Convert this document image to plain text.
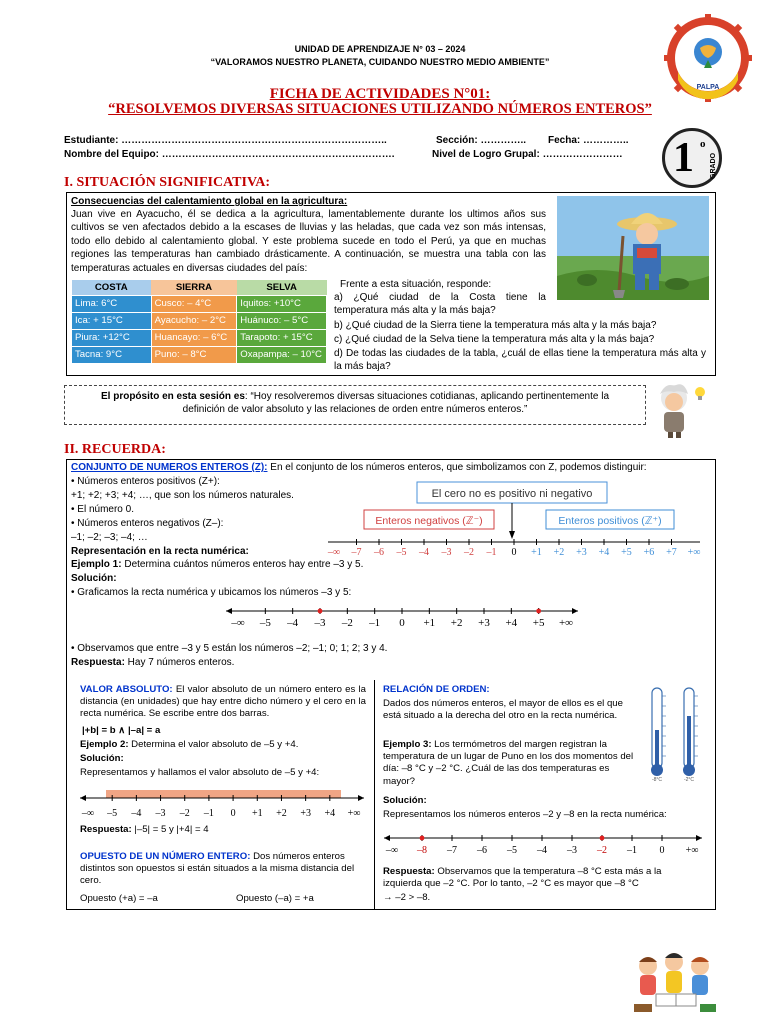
UNIDAD DE APRENDIZAJE N° 03 – 2024
“VALORAMOS NUESTRO PLANETA, CUIDANDO NUESTRO MEDIO AMBIENTE”
FICHA DE ACTIVIDADES N°01:
“RESOLVEMOS DIVERSAS SITUACIONES UTILIZANDO NÚMEROS ENTEROS”
PALPA
Estudiante: ……………………………………………………………………..	Sección: ………….. Fecha: …………..
Nombre del Equipo: …………………………………………………………….	Nivel de Logro Grupal: …………………… 1 o
GRADO
I. SITUACIÓN SIGNIFICATIVA:
Consecuencias del calentamiento global en la agricultura:
Juan vive en Ayacucho, él se dedica a la agricultura, lamentablemente durante los ultimos años sus cultivos se ven afectados debido a la escases de lluvias y las heladas, que cada vez son más intensas, todo ello debido al calentamiento global. Y este problema sucede en todo el Perú, ya que en muchas regiones las temperaturas han cambiado drásticamente. A continuación, se muestra una tabla con las temperaturas actuales en diversas ciudades del país:
COSTA	SIERRA	SELVA
Lima: 6°C	Cusco: – 4°C	Iquitos: +10°C
Ica: + 15°C	Ayacucho: – 2°C	Huánuco: – 5°C
Piura: +12°C	Huancayo: – 6°C	Tarapoto: + 15°C
Tacna: 9°C	Puno: – 8°C	Oxapampa: – 10°C
Frente a esta situación, responde:
a) ¿Qué ciudad de la Costa tiene la temperatura más alta y la más baja?
b) ¿Qué ciudad de la Sierra tiene la temperatura más alta y la más baja?
c) ¿Qué ciudad de la Selva tiene la temperatura más alta y la más baja?
d) De todas las ciudades de la tabla, ¿cuál de ellas tiene la temperatura más alta y la más baja?
El propósito en esta sesión es: “Hoy resolveremos diversas situaciones cotidianas, aplicando pertinentemente la definición de valor absoluto y las relaciones de orden entre números enteros.”
II. RECUERDA:
CONJUNTO DE NUMEROS ENTEROS (Z): En el conjunto de los números enteros, que simbolizamos con Z, podemos distinguir:
• Números enteros positivos (Z+):
+1; +2; +3; +4; …, que son los números naturales.
• El número 0.
• Números enteros negativos (Z–):
–1; –2; –3; –4; …
Representación en la recta numérica:
Ejemplo 1: Determina cuántos números enteros hay entre –3 y 5.
Solución:
• Graficamos la recta numérica y ubicamos los números –3 y 5:
El cero no es positivo ni negativo
Enteros negativos (ℤ⁻)	Enteros positivos (ℤ⁺)
–∞ –7 –6 –5 –4 –3 –2 –1 0 +1 +2 +3 +4 +5 +6 +7 +∞
–∞ –5 –4 –3 –2 –1 0 +1 +2 +3 +4 +5 +∞
• Observamos que entre –3 y 5 están los números –2; –1; 0; 1; 2; 3 y 4.
Respuesta: Hay 7 números enteros.
VALOR ABSOLUTO: El valor absoluto de un número entero es la distancia (en unidades) que hay entre dicho número y el cero en la recta numérica. Se escribe entre dos barras.
|+b| = b ∧ |–a| = a
Ejemplo 2: Determina el valor absoluto de –5 y +4.
Solución:
Representamos y hallamos el valor absoluto de –5 y +4:
–∞ –5 –4 –3 –2 –1 0 +1 +2 +3 +4 +∞
Respuesta: |–5| = 5 y |+4| = 4
OPUESTO DE UN NÚMERO ENTERO: Dos números enteros distintos son opuestos si están situados a la misma distancia del cero.
Opuesto (+a) = –a	Opuesto (–a) = +a
RELACIÓN DE ORDEN:
Dados dos números enteros, el mayor de ellos es el que está situado a la derecha del otro en la recta numérica.
Ejemplo 3: Los termómetros del margen registran la temperatura de un lugar de Puno en los dos momentos del día: –8 °C y –2 °C. ¿Cuál de las dos temperaturas es mayor?
Solución:
Representamos los números enteros –2 y –8 en la recta numérica:
-8°C	-2°C
–∞ –8 –7 –6 –5 –4 –3 –2 –1 0 +∞
Respuesta: Observamos que la temperatura –8 °C esta más a la izquierda que –2 °C. Por lo tanto, –2 °C es mayor que –8 °C
→ –2 > –8.
